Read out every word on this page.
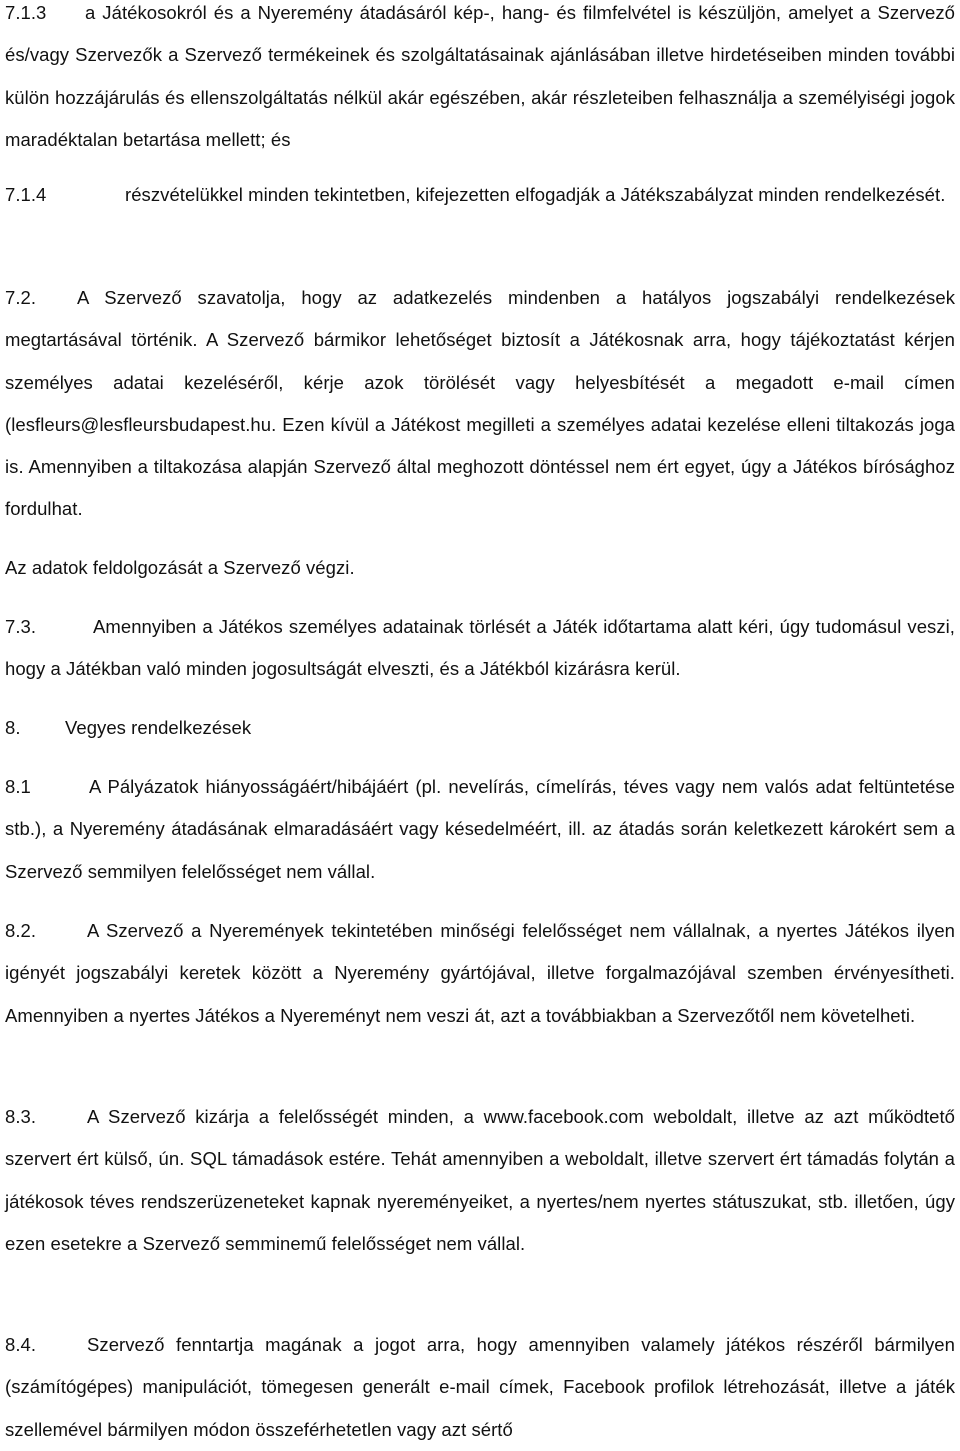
7.1.3 a Játékosokról és a Nyeremény átadásáról kép-, hang- és filmfelvétel is készüljön, amelyet a Szervező és/vagy Szervezők a Szervező termékeinek és szolgáltatásainak ajánlásában illetve hirdetéseiben minden további külön hozzájárulás és ellenszolgáltatás nélkül akár egészében, akár részleteiben felhasználja a személyiségi jogok maradéktalan betartása mellett; és

7.1.4	részvételükkel minden tekintetben, kifejezetten elfogadják a Játékszabályzat minden rendelkezését.

7.2. A Szervező szavatolja, hogy az adatkezelés mindenben a hatályos jogszabályi rendelkezések megtartásával történik. A Szervező bármikor lehetőséget biztosít a Játékosnak arra, hogy tájékoztatást kérjen személyes adatai kezeléséről, kérje azok törölését vagy helyesbítését a megadott e-mail címen (lesfleurs@lesfleursbudapest.hu. Ezen kívül a Játékost megilleti a személyes adatai kezelése elleni tiltakozás joga is. Amennyiben a tiltakozása alapján Szervező által meghozott döntéssel nem ért egyet, úgy a Játékos bírósághoz fordulhat.

Az adatok feldolgozását a Szervező végzi.

7.3.	Amennyiben a Játékos személyes adatainak törlését a Játék időtartama alatt kéri, úgy tudomásul veszi, hogy a Játékban való minden jogosultságát elveszti, és a Játékból kizárásra kerül.

8. Vegyes rendelkezések

8.1	A Pályázatok hiányosságáért/hibájáért (pl. nevelírás, címelírás, téves vagy nem valós adat feltüntetése stb.), a Nyeremény átadásának elmaradásáért vagy késedelméért, ill. az átadás során keletkezett károkért sem a Szervező semmilyen felelősséget nem vállal.

8.2.	A Szervező a Nyeremények tekintetében minőségi felelősséget nem vállalnak, a nyertes Játékos ilyen igényét jogszabályi keretek között a Nyeremény gyártójával, illetve forgalmazójával szemben érvényesítheti. Amennyiben a nyertes Játékos a Nyereményt nem veszi át, azt a továbbiakban a Szervezőtől nem követelheti.

8.3.	A Szervező kizárja a felelősségét minden, a www.facebook.com weboldalt, illetve az azt működtető szervert ért külső, ún. SQL támadások estére. Tehát amennyiben a weboldalt, illetve szervert ért támadás folytán a játékosok téves rendszerüzeneteket kapnak nyereményeiket, a nyertes/nem nyertes státuszukat, stb. illetően, úgy ezen esetekre a Szervező semminemű felelősséget nem vállal.

8.4.	Szervező fenntartja magának a jogot arra, hogy amennyiben valamely játékos részéről bármilyen (számítógépes) manipulációt, tömegesen generált e-mail címek, Facebook profilok létrehozását, illetve a játék szellemével bármilyen módon összeférhetetlen vagy azt sértő
